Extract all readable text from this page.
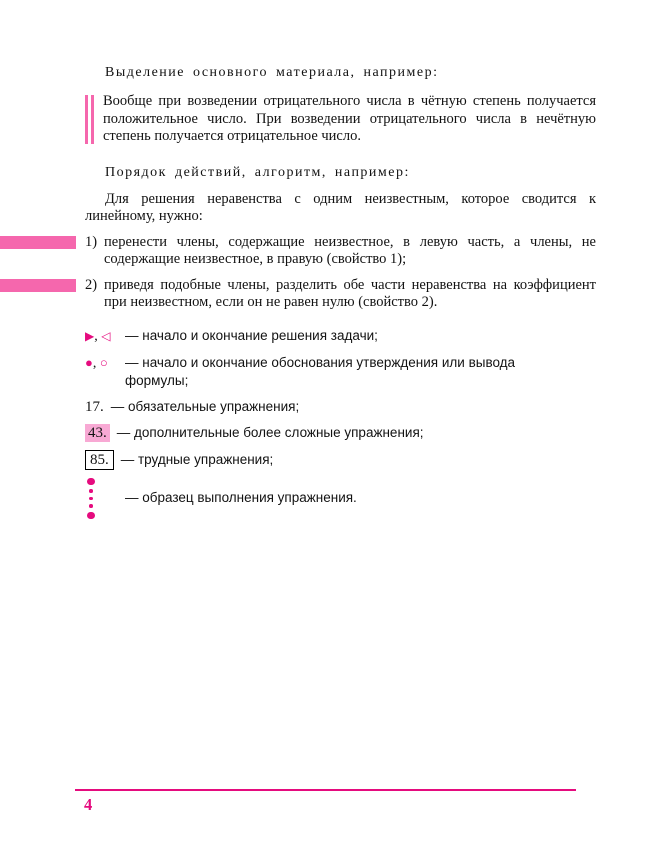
Выделение основного материала, например:

Вообще при возведении отрицательного числа в чётную степень получается положительное число. При возведении отрицательного числа в нечётную степень получается отрицательное число.

Порядок действий, алгоритм, например:

Для решения неравенства с одним неизвестным, которое сводится к линейному, нужно:

1) перенести члены, содержащие неизвестное, в левую часть, а члены, не содержащие неизвестное, в правую (свойство 1);
2) приведя подобные члены, разделить обе части неравенства на коэффициент при неизвестном, если он не равен нулю (свойство 2).
▶, ◁	— начало и окончание решения задачи;
●, ○	— начало и окончание обоснования утверждения или вывода формулы;
17. — обязательные упражнения;
43. — дополнительные более сложные упражнения;
85. — трудные упражнения;
— образец выполнения упражнения.
4
